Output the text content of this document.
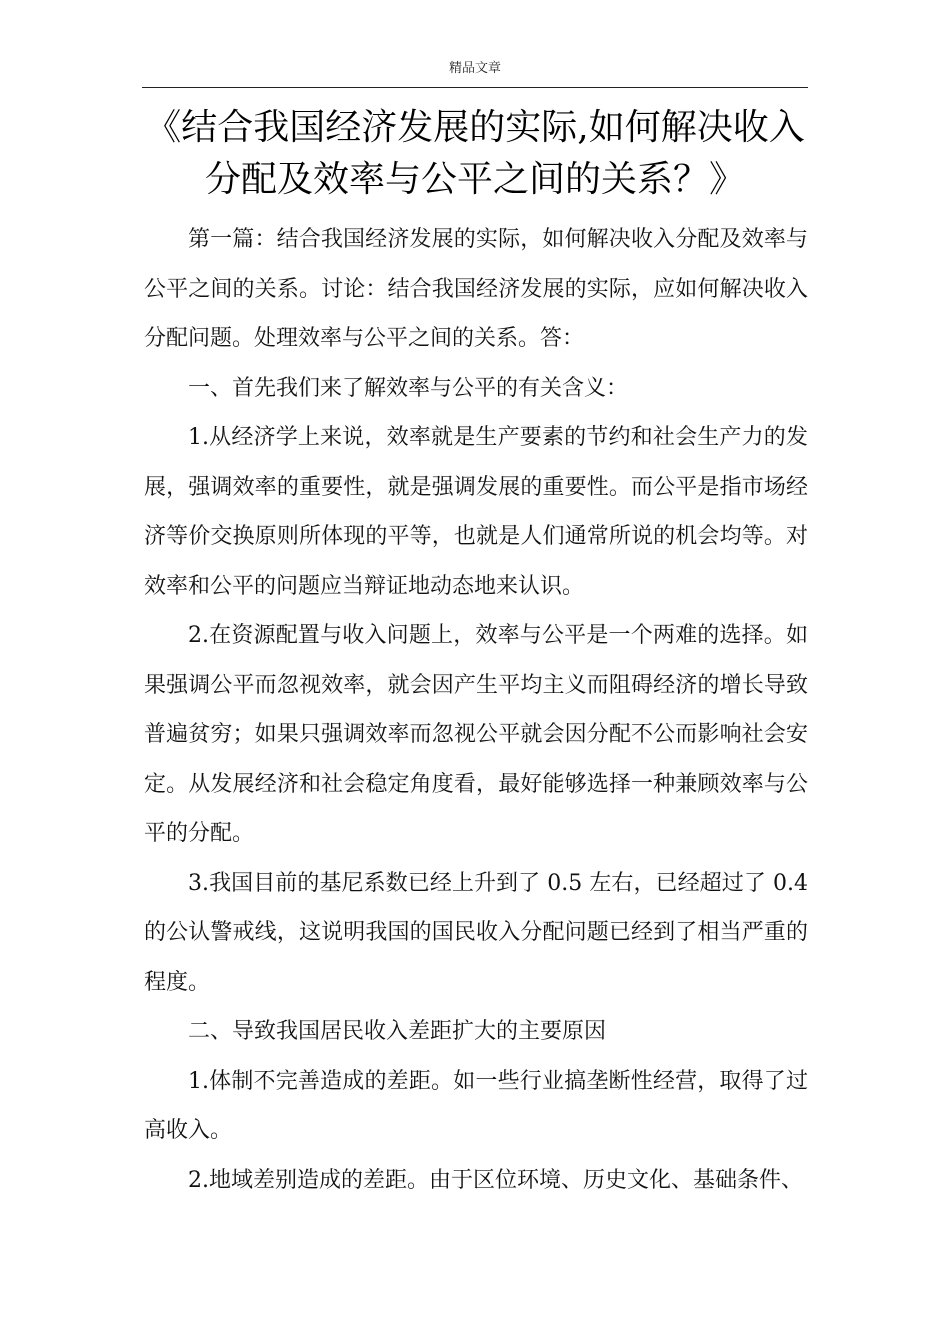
精品文章
《结合我国经济发展的实际,如何解决收入
分配及效率与公平之间的关系？》

第一篇：结合我国经济发展的实际，如何解决收入分配及效率与公平之间的关系。讨论：结合我国经济发展的实际，应如何解决收入分配问题。处理效率与公平之间的关系。答：

一、首先我们来了解效率与公平的有关含义：

1.从经济学上来说，效率就是生产要素的节约和社会生产力的发展，强调效率的重要性，就是强调发展的重要性。而公平是指市场经济等价交换原则所体现的平等，也就是人们通常所说的机会均等。对效率和公平的问题应当辩证地动态地来认识。

2.在资源配置与收入问题上，效率与公平是一个两难的选择。如果强调公平而忽视效率，就会因产生平均主义而阻碍经济的增长导致普遍贫穷；如果只强调效率而忽视公平就会因分配不公而影响社会安定。从发展经济和社会稳定角度看，最好能够选择一种兼顾效率与公平的分配。

3.我国目前的基尼系数已经上升到了 0.5 左右，已经超过了 0.4 的公认警戒线，这说明我国的国民收入分配问题已经到了相当严重的程度。

二、导致我国居民收入差距扩大的主要原因

1.体制不完善造成的差距。如一些行业搞垄断性经营，取得了过高收入。

2.地域差别造成的差距。由于区位环境、历史文化、基础条件、
